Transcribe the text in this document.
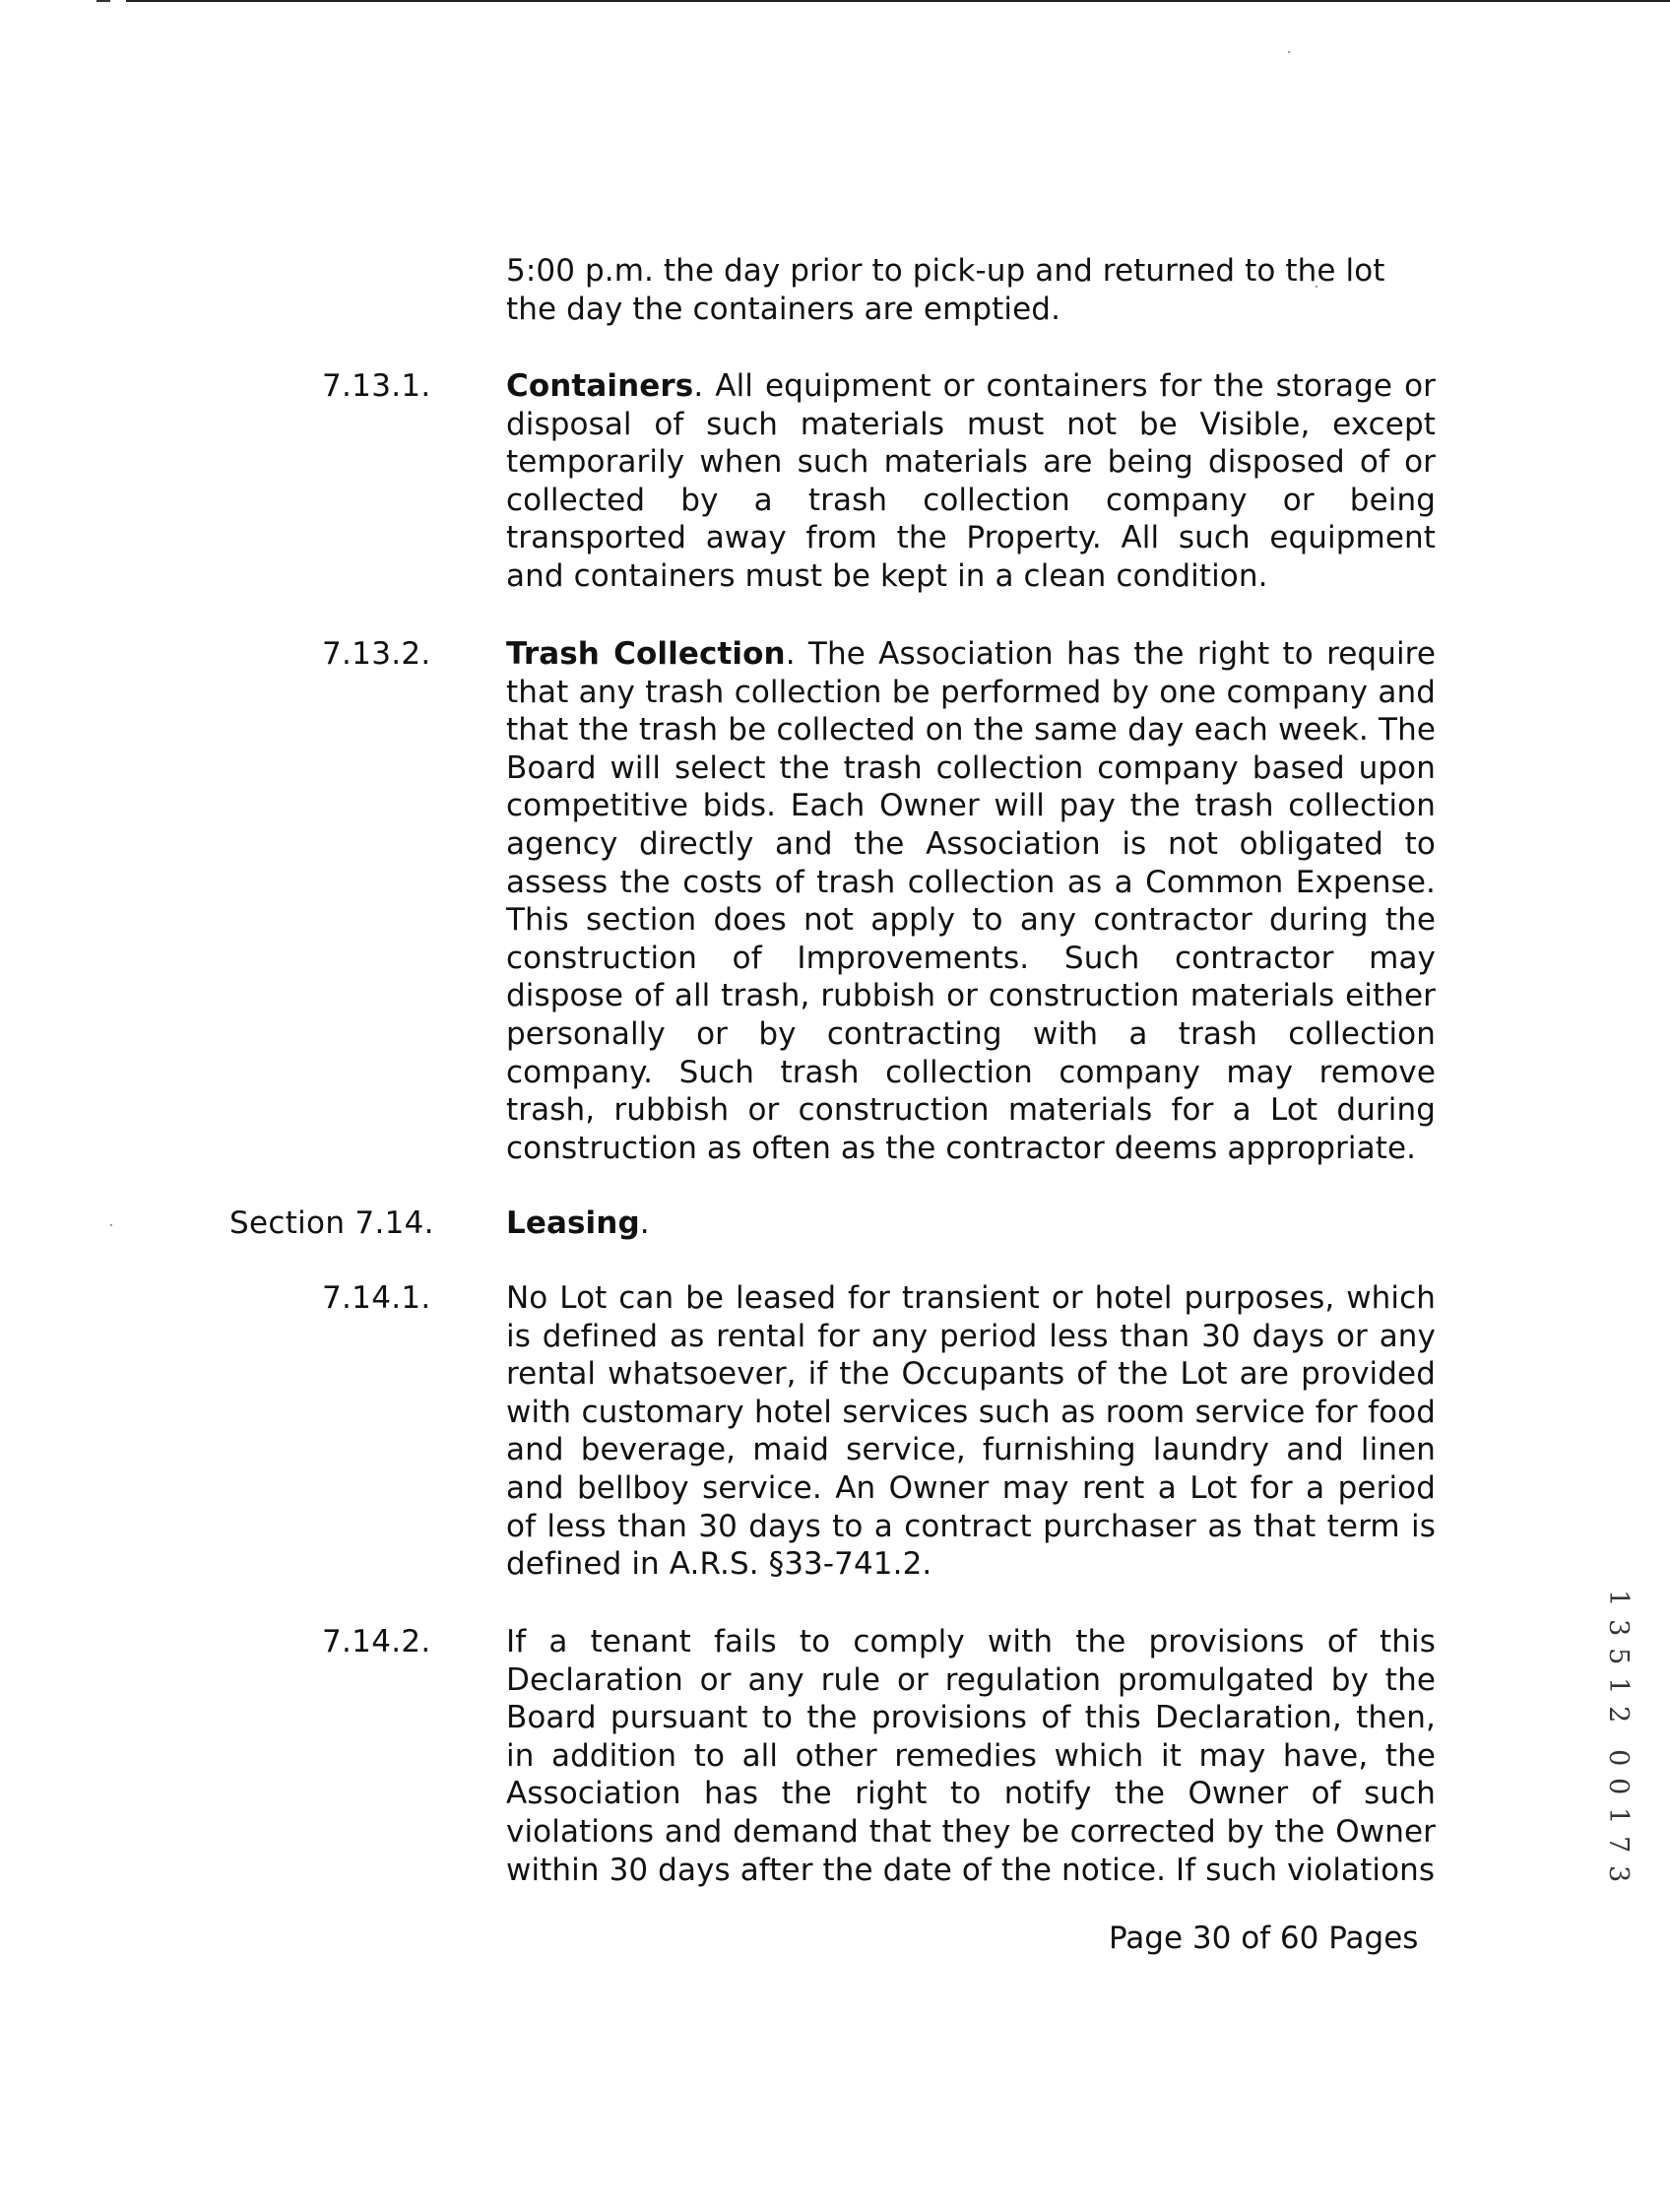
5:00 p.m. the day prior to pick-up and returned to the lot the day the containers are emptied.
7.13.1. Containers. All equipment or containers for the storage or disposal of such materials must not be Visible, except temporarily when such materials are being disposed of or collected by a trash collection company or being transported away from the Property. All such equipment and containers must be kept in a clean condition.
7.13.2. Trash Collection. The Association has the right to require that any trash collection be performed by one company and that the trash be collected on the same day each week. The Board will select the trash collection company based upon competitive bids. Each Owner will pay the trash collection agency directly and the Association is not obligated to assess the costs of trash collection as a Common Expense. This section does not apply to any contractor during the construction of Improvements. Such contractor may dispose of all trash, rubbish or construction materials either personally or by contracting with a trash collection company. Such trash collection company may remove trash, rubbish or construction materials for a Lot during construction as often as the contractor deems appropriate.
Section 7.14. Leasing.
7.14.1. No Lot can be leased for transient or hotel purposes, which is defined as rental for any period less than 30 days or any rental whatsoever, if the Occupants of the Lot are provided with customary hotel services such as room service for food and beverage, maid service, furnishing laundry and linen and bellboy service. An Owner may rent a Lot for a period of less than 30 days to a contract purchaser as that term is defined in A.R.S. §33-741.2.
7.14.2. If a tenant fails to comply with the provisions of this Declaration or any rule or regulation promulgated by the Board pursuant to the provisions of this Declaration, then, in addition to all other remedies which it may have, the Association has the right to notify the Owner of such violations and demand that they be corrected by the Owner within 30 days after the date of the notice. If such violations
Page 30 of 60 Pages
1
3
5
1
2
0
0
1
7
3
